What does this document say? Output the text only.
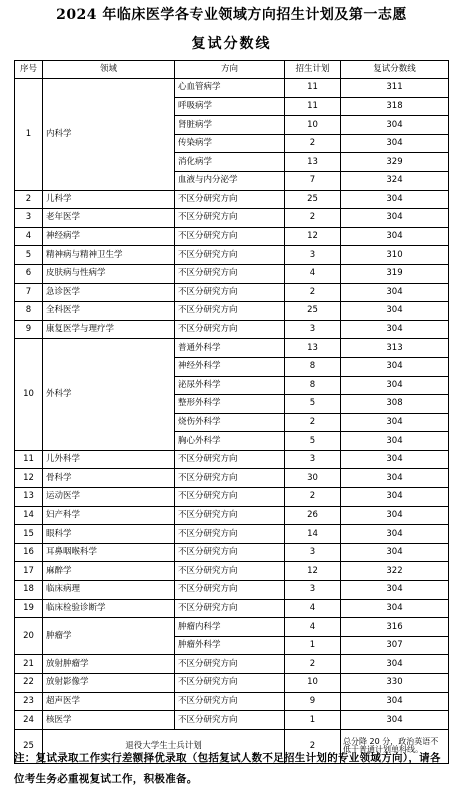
2024 年临床医学各专业领域方向招生计划及第一志愿
复试分数线
序号	领域	方向	招生计划	复试分数线
1	内科学	心血管病学	11	311
		呼吸病学	11	318
		肾脏病学	10	304
		传染病学	2	304
		消化病学	13	329
		血液与内分泌学	7	324
2	儿科学	不区分研究方向	25	304
3	老年医学	不区分研究方向	2	304
4	神经病学	不区分研究方向	12	304
5	精神病与精神卫生学	不区分研究方向	3	310
6	皮肤病与性病学	不区分研究方向	4	319
7	急诊医学	不区分研究方向	2	304
8	全科医学	不区分研究方向	25	304
9	康复医学与理疗学	不区分研究方向	3	304
10	外科学	普通外科学	13	313
		神经外科学	8	304
		泌尿外科学	8	304
		整形外科学	5	308
		烧伤外科学	2	304
		胸心外科学	5	304
11	儿外科学	不区分研究方向	3	304
12	骨科学	不区分研究方向	30	304
13	运动医学	不区分研究方向	2	304
14	妇产科学	不区分研究方向	26	304
15	眼科学	不区分研究方向	14	304
16	耳鼻咽喉科学	不区分研究方向	3	304
17	麻醉学	不区分研究方向	12	322
18	临床病理	不区分研究方向	3	304
19	临床检验诊断学	不区分研究方向	4	304
20	肿瘤学	肿瘤内科学	4	316
		肿瘤外科学	1	307
21	放射肿瘤学	不区分研究方向	2	304
22	放射影像学	不区分研究方向	10	330
23	超声医学	不区分研究方向	9	304
24	核医学	不区分研究方向	1	304
25	退役大学生士兵计划		2	总分降 20 分，政治英语不低于普通计划单科线。
注：复试录取工作实行差额择优录取（包括复试人数不足招生计划的专业领域方向），请各位考生务必重视复试工作，积极准备。
